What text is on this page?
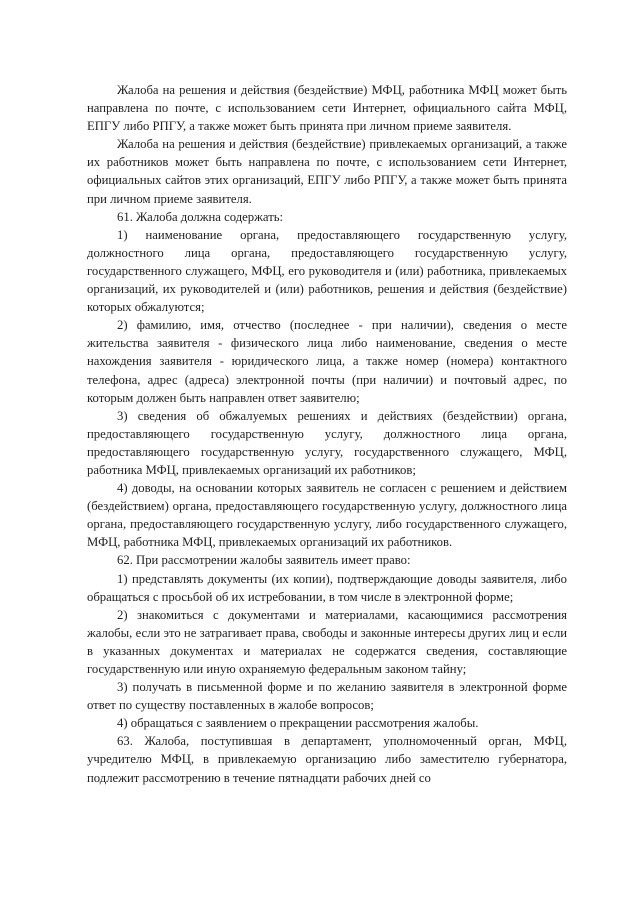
Жалоба на решения и действия (бездействие) МФЦ, работника МФЦ может быть направлена по почте, с использованием сети Интернет, официального сайта МФЦ, ЕПГУ либо РПГУ, а также может быть принята при личном приеме заявителя.

Жалоба на решения и действия (бездействие) привлекаемых организаций, а также их работников может быть направлена по почте, с использованием сети Интернет, официальных сайтов этих организаций, ЕПГУ либо РПГУ, а также может быть принята при личном приеме заявителя.

61. Жалоба должна содержать:

1) наименование органа, предоставляющего государственную услугу, должностного лица органа, предоставляющего государственную услугу, государственного служащего, МФЦ, его руководителя и (или) работника, привлекаемых организаций, их руководителей и (или) работников, решения и действия (бездействие) которых обжалуются;

2) фамилию, имя, отчество (последнее - при наличии), сведения о месте жительства заявителя - физического лица либо наименование, сведения о месте нахождения заявителя - юридического лица, а также номер (номера) контактного телефона, адрес (адреса) электронной почты (при наличии) и почтовый адрес, по которым должен быть направлен ответ заявителю;

3) сведения об обжалуемых решениях и действиях (бездействии) органа, предоставляющего государственную услугу, должностного лица органа, предоставляющего государственную услугу, государственного служащего, МФЦ, работника МФЦ, привлекаемых организаций их работников;

4) доводы, на основании которых заявитель не согласен с решением и действием (бездействием) органа, предоставляющего государственную услугу, должностного лица органа, предоставляющего государственную услугу, либо государственного служащего, МФЦ, работника МФЦ, привлекаемых организаций их работников.

62. При рассмотрении жалобы заявитель имеет право:

1) представлять документы (их копии), подтверждающие доводы заявителя, либо обращаться с просьбой об их истребовании, в том числе в электронной форме;

2) знакомиться с документами и материалами, касающимися рассмотрения жалобы, если это не затрагивает права, свободы и законные интересы других лиц и если в указанных документах и материалах не содержатся сведения, составляющие государственную или иную охраняемую федеральным законом тайну;

3) получать в письменной форме и по желанию заявителя в электронной форме ответ по существу поставленных в жалобе вопросов;

4) обращаться с заявлением о прекращении рассмотрения жалобы.

63. Жалоба, поступившая в департамент, уполномоченный орган, МФЦ, учредителю МФЦ, в привлекаемую организацию либо заместителю губернатора, подлежит рассмотрению в течение пятнадцати рабочих дней со
